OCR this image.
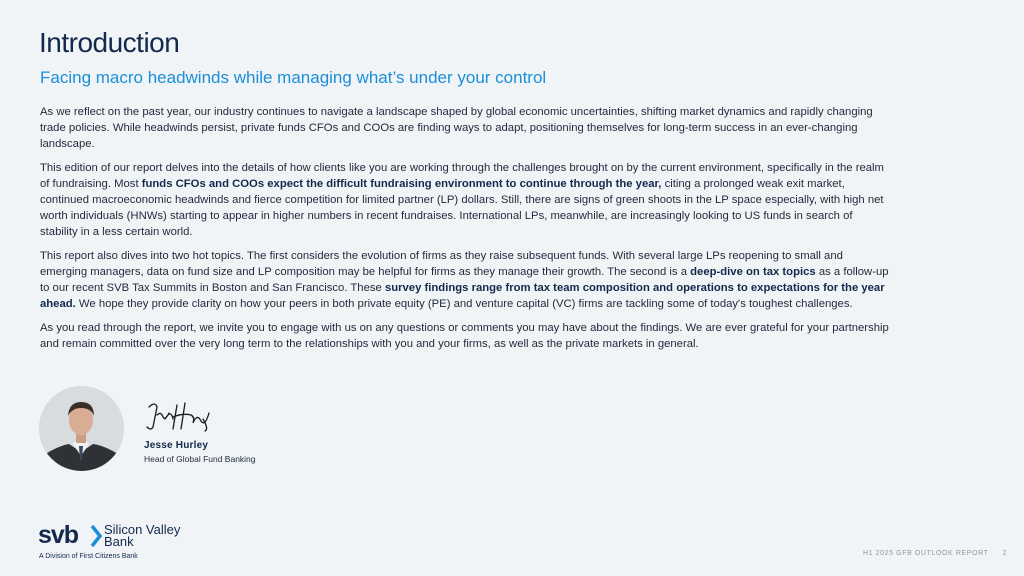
Introduction
Facing macro headwinds while managing what’s under your control

As we reflect on the past year, our industry continues to navigate a landscape shaped by global economic uncertainties, shifting market dynamics and rapidly changing trade policies. While headwinds persist, private funds CFOs and COOs are finding ways to adapt, positioning themselves for long-term success in an ever-changing landscape.

This edition of our report delves into the details of how clients like you are working through the challenges brought on by the current environment, specifically in the realm of fundraising. Most funds CFOs and COOs expect the difficult fundraising environment to continue through the year, citing a prolonged weak exit market, continued macroeconomic headwinds and fierce competition for limited partner (LP) dollars. Still, there are signs of green shoots in the LP space especially, with high net worth individuals (HNWs) starting to appear in higher numbers in recent fundraises. International LPs, meanwhile, are increasingly looking to US funds in search of stability in a less certain world.

This report also dives into two hot topics. The first considers the evolution of firms as they raise subsequent funds. With several large LPs reopening to small and emerging managers, data on fund size and LP composition may be helpful for firms as they manage their growth. The second is a deep-dive on tax topics as a follow-up to our recent SVB Tax Summits in Boston and San Francisco. These survey findings range from tax team composition and operations to expectations for the year ahead. We hope they provide clarity on how your peers in both private equity (PE) and venture capital (VC) firms are tackling some of today's toughest challenges.

As you read through the report, we invite you to engage with us on any questions or comments you may have about the findings. We are ever grateful for your partnership and remain committed over the very long term to the relationships with you and your firms, as well as the private markets in general.

Jesse Hurley
Head of Global Fund Banking
svb Silicon Valley
Bank
A Division of First Citizens Bank	H1 2025 GFB OUTLOOK REPORT 2
